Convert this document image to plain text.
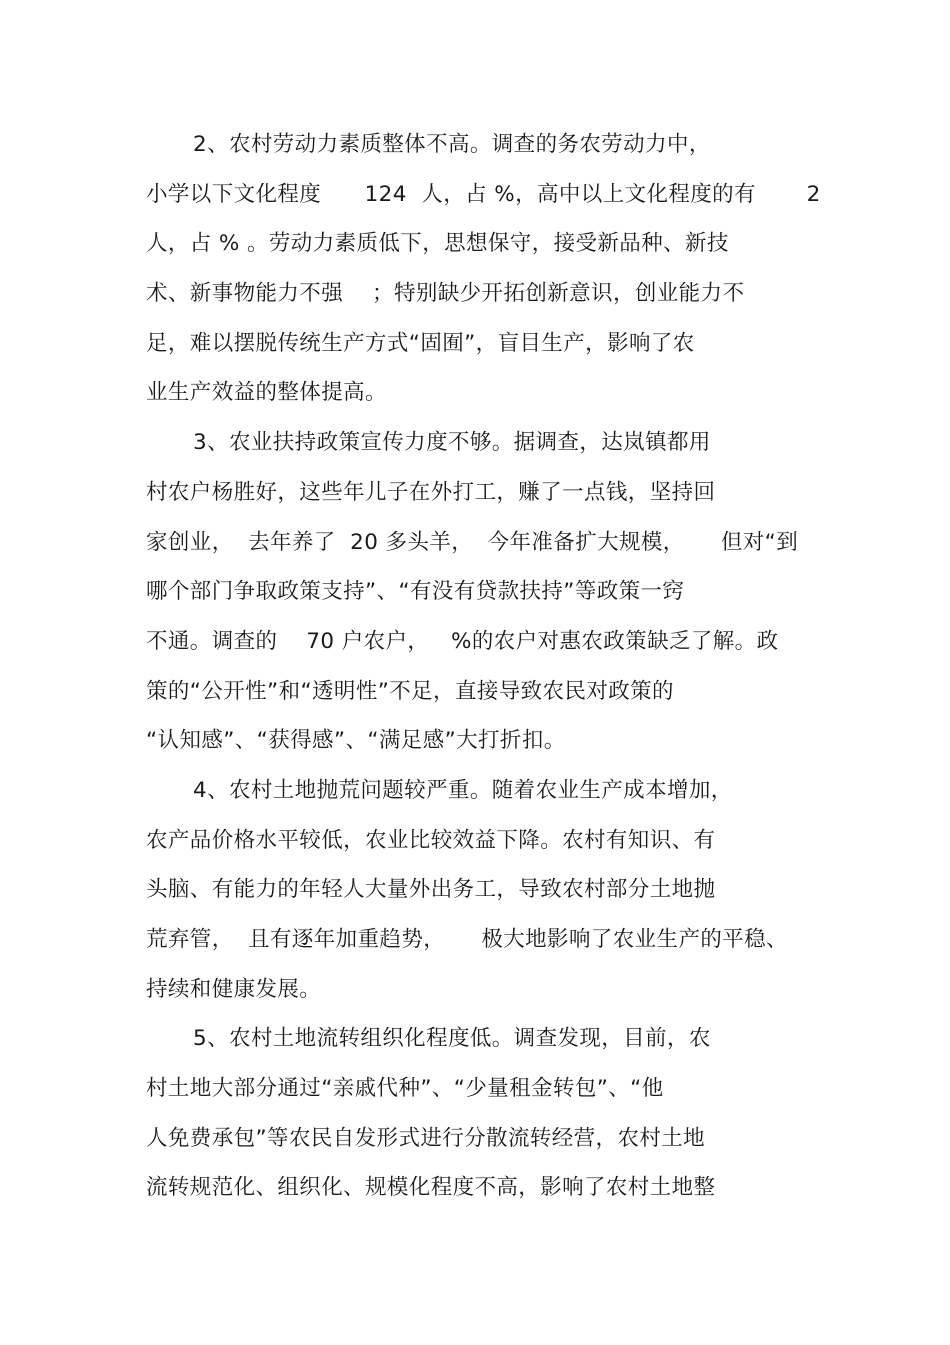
2、农村劳动力素质整体不高。调查的务农劳动力中，
小学以下文化程度      124  人，占 %，高中以上文化程度的有       2
人，占 % 。劳动力素质低下，思想保守，接受新品种、新技
术、新事物能力不强    ；特别缺少开拓创新意识，创业能力不
足，难以摆脱传统生产方式“固囿”，盲目生产，影响了农
业生产效益的整体提高。
3、农业扶持政策宣传力度不够。据调查，达岚镇都用
村农户杨胜好，这些年儿子在外打工，赚了一点钱，坚持回
家创业，  去年养了  20 多头羊，  今年准备扩大规模，     但对“到
哪个部门争取政策支持”、“有没有贷款扶持”等政策一窍
不通。调查的    70 户农户，   %的农户对惠农政策缺乏了解。政
策的“公开性”和“透明性”不足，直接导致农民对政策的
“认知感”、“获得感”、“满足感”大打折扣。
4、农村土地抛荒问题较严重。随着农业生产成本增加，
农产品价格水平较低，农业比较效益下降。农村有知识、有
头脑、有能力的年轻人大量外出务工，导致农村部分土地抛
荒弃管，  且有逐年加重趋势，     极大地影响了农业生产的平稳、
持续和健康发展。
5、农村土地流转组织化程度低。调查发现，目前，农
村土地大部分通过“亲戚代种”、“少量租金转包”、“他
人免费承包”等农民自发形式进行分散流转经营，农村土地
流转规范化、组织化、规模化程度不高，影响了农村土地整
